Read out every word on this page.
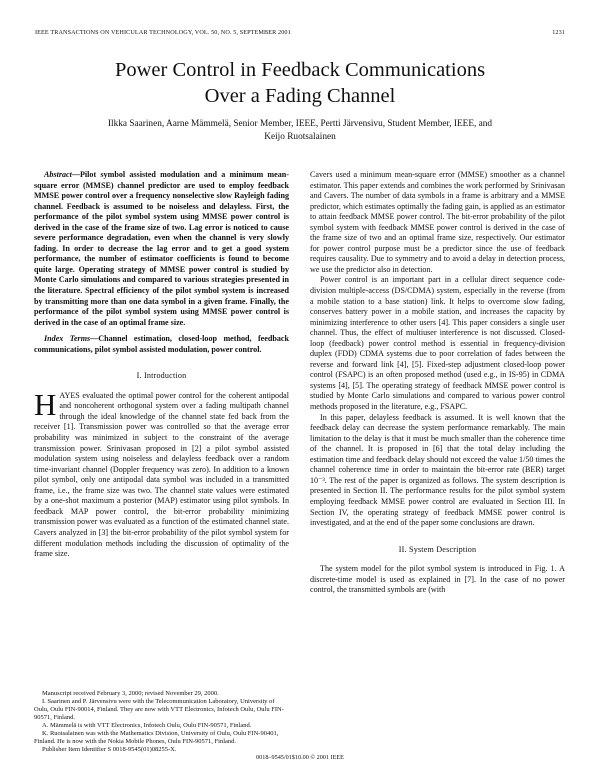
IEEE TRANSACTIONS ON VEHICULAR TECHNOLOGY, VOL. 50, NO. 5, SEPTEMBER 2001	1231
Power Control in Feedback Communications
Over a Fading Channel
Ilkka Saarinen, Aarne Mämmelä, Senior Member, IEEE, Pertti Järvensivu, Student Member, IEEE, and
Keijo Ruotsalainen

Abstract—Pilot symbol assisted modulation and a minimum mean-square error (MMSE) channel predictor are used to employ feedback MMSE power control over a frequency nonselective slow Rayleigh fading channel. Feedback is assumed to be noiseless and delayless. First, the performance of the pilot symbol system using MMSE power control is derived in the case of the frame size of two. Lag error is noticed to cause severe performance degradation, even when the channel is very slowly fading. In order to decrease the lag error and to get a good system performance, the number of estimator coefficients is found to become quite large. Operating strategy of MMSE power control is studied by Monte Carlo simulations and compared to various strategies presented in the literature. Spectral efficiency of the pilot symbol system is increased by transmitting more than one data symbol in a given frame. Finally, the performance of the pilot symbol system using MMSE power control is derived in the case of an optimal frame size.

Index Terms—Channel estimation, closed-loop method, feedback communications, pilot symbol assisted modulation, power control.

I. Introduction

HAYES evaluated the optimal power control for the coherent antipodal and noncoherent orthogonal system over a fading multipath channel through the ideal knowledge of the channel state fed back from the receiver [1]. Transmission power was controlled so that the average error probability was minimized in subject to the constraint of the average transmission power. Srinivasan proposed in [2] a pilot symbol assisted modulation system using noiseless and delayless feedback over a random time-invariant channel (Doppler frequency was zero). In addition to a known pilot symbol, only one antipodal data symbol was included in a transmitted frame, i.e., the frame size was two. The channel state values were estimated by a one-shot maximum a posterior (MAP) estimator using pilot symbols. In feedback MAP power control, the bit-error probability minimizing transmission power was evaluated as a function of the estimated channel state. Cavers analyzed in [3] the bit-error probability of the pilot symbol system for different modulation methods including the discussion of optimality of the frame size.

Manuscript received February 3, 2000; revised November 29, 2000.

I. Saarinen and P. Järvensivu were with the Telecommunication Laboratory, University of Oulu, Oulu FIN-90014, Finland. They are now with VTT Electronics, Infotech Oulu, Oulu FIN-90571, Finland.

A. Mämmelä is with VTT Electronics, Infotech Oulu, Oulu FIN-90571, Finland.

K. Ruotsalainen was with the Mathematics Division, University of Oulu, Oulu FIN-90401, Finland. He is now with the Nokia Mobile Phones, Oulu FIN-90571, Finland.

Publisher Item Identifier S 0018-9545(01)08255-X.

Cavers used a minimum mean-square error (MMSE) smoother as a channel estimator. This paper extends and combines the work performed by Srinivasan and Cavers. The number of data symbols in a frame is arbitrary and a MMSE predictor, which estimates optimally the fading gain, is applied as an estimator to attain feedback MMSE power control. The bit-error probability of the pilot symbol system with feedback MMSE power control is derived in the case of the frame size of two and an optimal frame size, respectively. Our estimator for power control purpose must be a predictor since the use of feedback requires causality. Due to symmetry and to avoid a delay in detection process, we use the predictor also in detection.

Power control is an important part in a cellular direct sequence code-division multiple-access (DS/CDMA) system, especially in the reverse (from a mobile station to a base station) link. It helps to overcome slow fading, conserves battery power in a mobile station, and increases the capacity by minimizing interference to other users [4]. This paper considers a single user channel. Thus, the effect of multiuser interference is not discussed. Closed-loop (feedback) power control method is essential in frequency-division duplex (FDD) CDMA systems due to poor correlation of fades between the reverse and forward link [4], [5]. Fixed-step adjustment closed-loop power control (FSAPC) is an often proposed method (used e.g., in IS-95) in CDMA systems [4], [5]. The operating strategy of feedback MMSE power control is studied by Monte Carlo simulations and compared to various power control methods proposed in the literature, e.g., FSAPC.

In this paper, delayless feedback is assumed. It is well known that the feedback delay can decrease the system performance remarkably. The main limitation to the delay is that it must be much smaller than the coherence time of the channel. It is proposed in [6] that the total delay including the estimation time and feedback delay should not exceed the value 1/50 times the channel coherence time in order to maintain the bit-error rate (BER) target 10⁻³. The rest of the paper is organized as follows. The system description is presented in Section II. The performance results for the pilot symbol system employing feedback MMSE power control are evaluated in Section III. In Section IV, the operating strategy of feedback MMSE power control is investigated, and at the end of the paper some conclusions are drawn.

II. System Description

The system model for the pilot symbol system is introduced in Fig. 1. A discrete-time model is used as explained in [7]. In the case of no power control, the transmitted symbols are (with

0018–9545/01$10.00 © 2001 IEEE
